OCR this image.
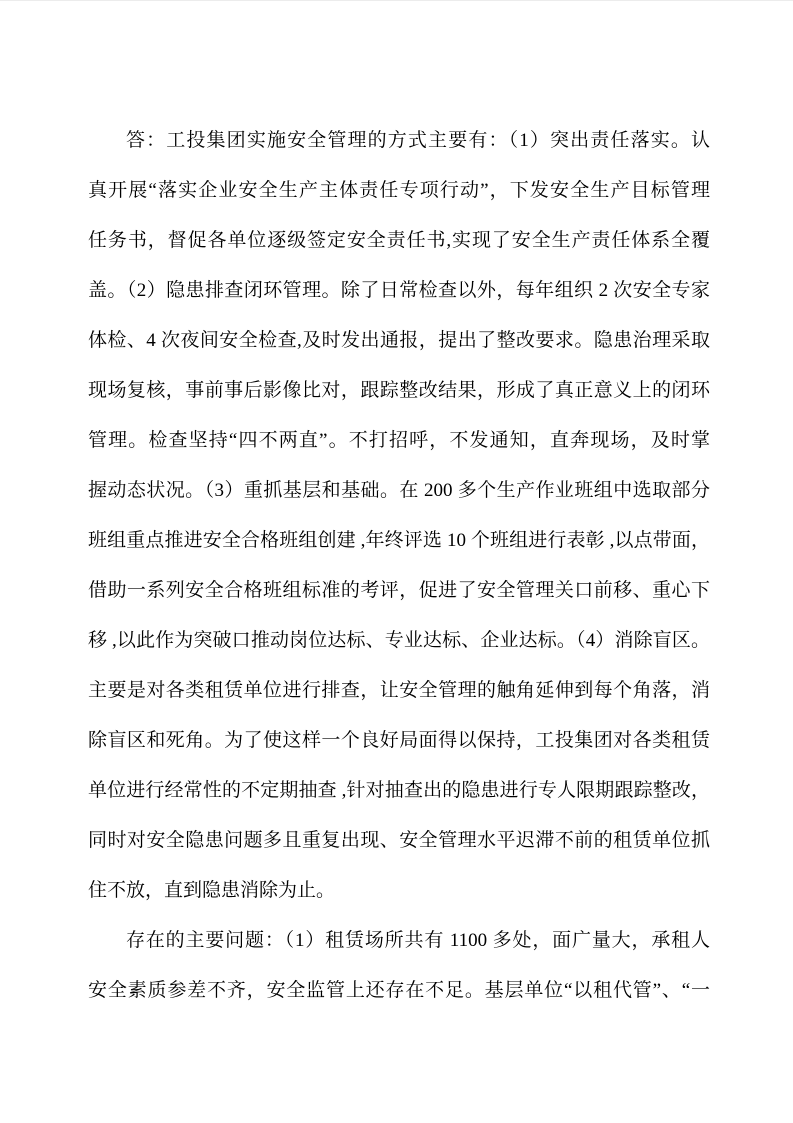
答：工投集团实施安全管理的方式主要有：（1）突出责任落实。认
真开展“落实企业安全生产主体责任专项行动”，下发安全生产目标管理
任务书，督促各单位逐级签定安全责任书,实现了安全生产责任体系全覆
盖。（2）隐患排查闭环管理。除了日常检查以外，每年组织 2 次安全专家
体检、4 次夜间安全检查,及时发出通报，提出了整改要求。隐患治理采取
现场复核，事前事后影像比对，跟踪整改结果，形成了真正意义上的闭环
管理。检查坚持“四不两直”。不打招呼，不发通知，直奔现场，及时掌
握动态状况。（3）重抓基层和基础。在 200 多个生产作业班组中选取部分
班组重点推进安全合格班组创建 ,年终评选 10 个班组进行表彰 ,以点带面，
借助一系列安全合格班组标准的考评，促进了安全管理关口前移、重心下
移 ,以此作为突破口推动岗位达标、专业达标、企业达标。（4）消除盲区。
主要是对各类租赁单位进行排查，让安全管理的触角延伸到每个角落，消
除盲区和死角。为了使这样一个良好局面得以保持，工投集团对各类租赁
单位进行经常性的不定期抽查 ,针对抽查出的隐患进行专人限期跟踪整改，
同时对安全隐患问题多且重复出现、安全管理水平迟滞不前的租赁单位抓
住不放，直到隐患消除为止。
存在的主要问题：（1）租赁场所共有 1100 多处，面广量大，承租人
安全素质参差不齐，安全监管上还存在不足。基层单位“以租代管”、“一
